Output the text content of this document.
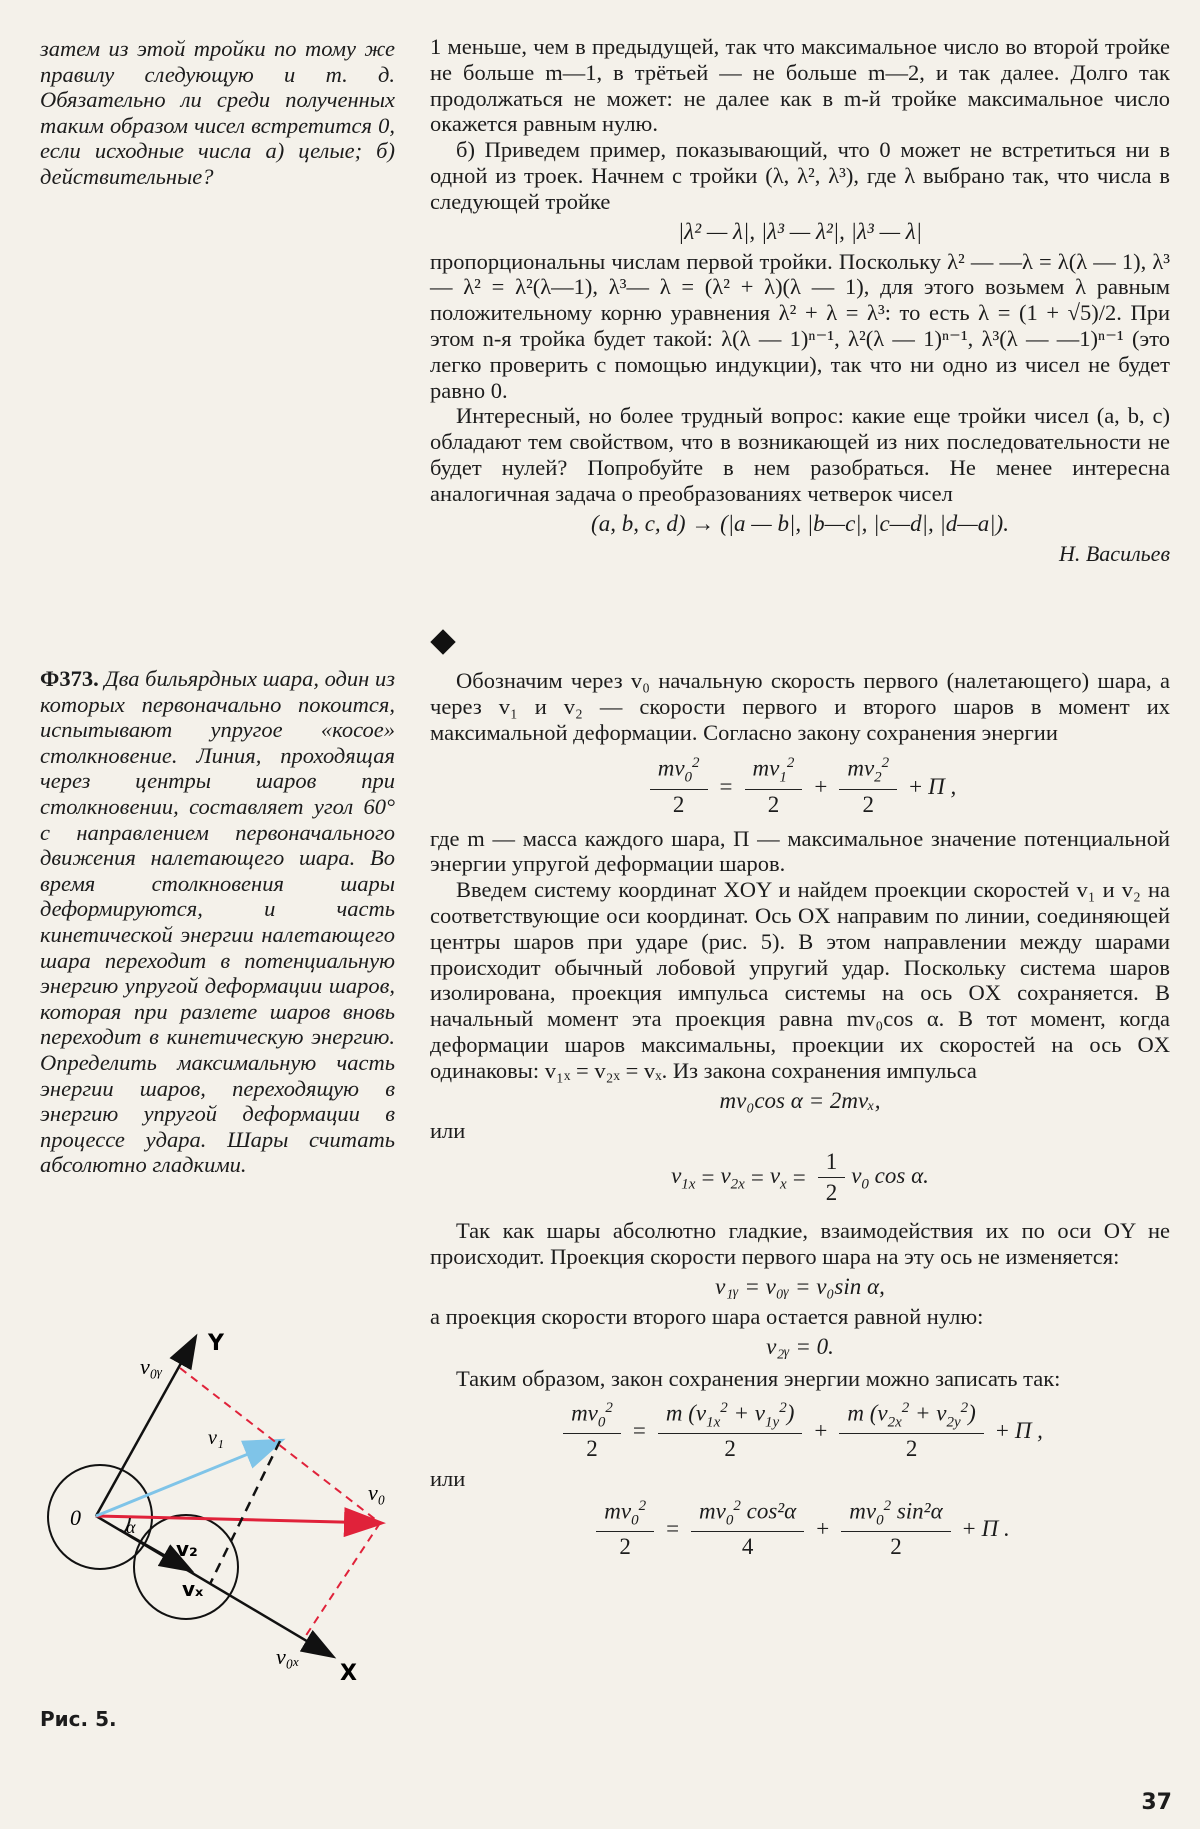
затем из этой тройки по тому же правилу следующую и т. д. Обязательно ли среди полученных таким образом чисел встретится 0, если исходные числа а) целые; б) действительные?
Ф373. Два бильярдных шара, один из которых первоначально покоится, испытывают упругое «косое» столкновение. Линия, проходящая через центры шаров при столкновении, составляет угол 60° с направлением первоначального движения налетающего шара. Во время столкновения шары деформируются, и часть кинетической энергии налетающего шара переходит в потенциальную энергию упругой деформации шаров, которая при разлете шаров вновь переходит в кинетическую энергию. Определить максимальную часть энергии шаров, переходящую в энергию упругой деформации в процессе удара. Шары считать абсолютно гладкими.
Y
X
0	α
v₀ᵧ
v₁
v₀
v₂
vₓ
v₀ₓ
Рис. 5.

1 меньше, чем в предыдущей, так что максимальное число во второй тройке не больше m—1, в трётьей — не больше m—2, и так далее. Долго так продолжаться не может: не далее как в m-й тройке максимальное число окажется равным нулю.

б) Приведем пример, показывающий, что 0 может не встретиться ни в одной из троек. Начнем с тройки (λ, λ², λ³), где λ выбрано так, что числа в следующей тройке

|λ² — λ|, |λ³ — λ²|, |λ³ — λ|

пропорциональны числам первой тройки. Поскольку λ² — —λ = λ(λ — 1), λ³— λ² = λ²(λ—1), λ³— λ = (λ² + λ)(λ — 1), для этого возьмем λ равным положительному корню уравнения λ² + λ = λ³: то есть λ = (1 + √5)/2. При этом n-я тройка будет такой: λ(λ — 1)ⁿ⁻¹, λ²(λ — 1)ⁿ⁻¹, λ³(λ — —1)ⁿ⁻¹ (это легко проверить с помощью индукции), так что ни одно из чисел не будет равно 0.

Интересный, но более трудный вопрос: какие еще тройки чисел (a, b, c) обладают тем свойством, что в возникающей из них последовательности не будет нулей? Попробуйте в нем разобраться. Не менее интересна аналогичная задача о преобразованиях четверок чисел

(a, b, c, d) → (|a — b|, |b—c|, |c—d|, |d—a|).
Н. Васильев

Обозначим через v₀ начальную скорость первого (налетающего) шара, а через v₁ и v₂ — скорости первого и второго шаров в момент их максимальной деформации. Согласно закону сохранения энергии

$\frac{mv_0^2}{2} = \frac{mv_1^2}{2} + \frac{mv_2^2}{2} + П$ ,

где m — масса каждого шара, П — максимальное значение потенциальной энергии упругой деформации шаров.

Введем систему координат XOY и найдем проекции скоростей v₁ и v₂ на соответствующие оси координат. Ось OX направим по линии, соединяющей центры шаров при ударе (рис. 5). В этом направлении между шарами происходит обычный лобовой упругий удар. Поскольку система шаров изолирована, проекция импульса системы на ось OX сохраняется. В начальный момент эта проекция равна mv₀cos α. В тот момент, когда деформации шаров максимальны, проекции их скоростей на ось OX одинаковы: v₁ₓ = v₂ₓ = vₓ. Из закона сохранения импульса

mv₀cos α = 2mvₓ,
или
$v_{1x} = v_{2x} = v_x = \frac{1}{2} v_0$ cos α.

Так как шары абсолютно гладкие, взаимодействия их по оси OY не происходит. Проекция скорости первого шара на эту ось не изменяется:

v₁ᵧ = v₀ᵧ = v₀sin α,

а проекция скорости второго шара остается равной нулю:

v₂ᵧ = 0.

Таким образом, закон сохранения энергии можно записать так:

$\frac{mv_0^2}{2} = \frac{m (v_{1x}^2 + v_{1y}^2)}{2} + \frac{m (v_{2x}^2 + v_{2y}^2)}{2} + П$ ,
или
$\frac{mv_0^2}{2} = \frac{mv_0^2 \cos^2\alpha}{4} + \frac{mv_0^2 \sin^2\alpha}{2} + П$ .
37
